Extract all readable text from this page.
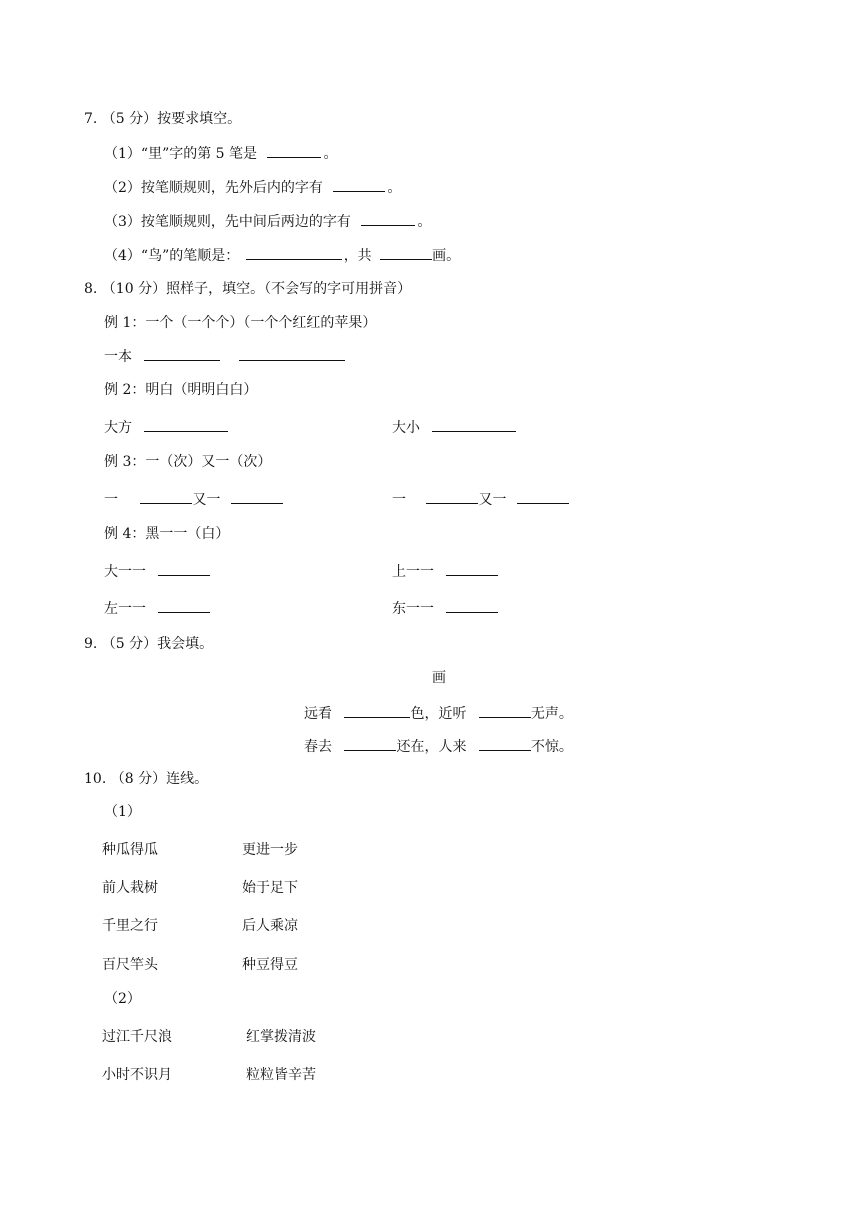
7. （5 分）按要求填空。
（1）“里”字的第 5 笔是	。
（2）按笔顺规则，先外后内的字有	。
（3）按笔顺规则，先中间后两边的字有	。
（4）“鸟”的笔顺是：	，共	画。
8. （10 分）照样子，填空。（不会写的字可用拼音）
例 1：一个（一个个）（一个个红红的苹果）
一本
例 2：明白（明明白白）
大方	大小
例 3：一（次）又一（次）
一	又一	一	又一
例 4：黑一一（白）
大一一	上一一
左一一	东一一
9. （5 分）我会填。
画
远看	色，近听	无声。
春去	还在，人来	不惊。
10. （8 分）连线。
（1）
种瓜得瓜	更进一步
前人栽树	始于足下
千里之行	后人乘凉
百尺竿头	种豆得豆
（2）
过江千尺浪	红掌拨清波
小时不识月	粒粒皆辛苦
